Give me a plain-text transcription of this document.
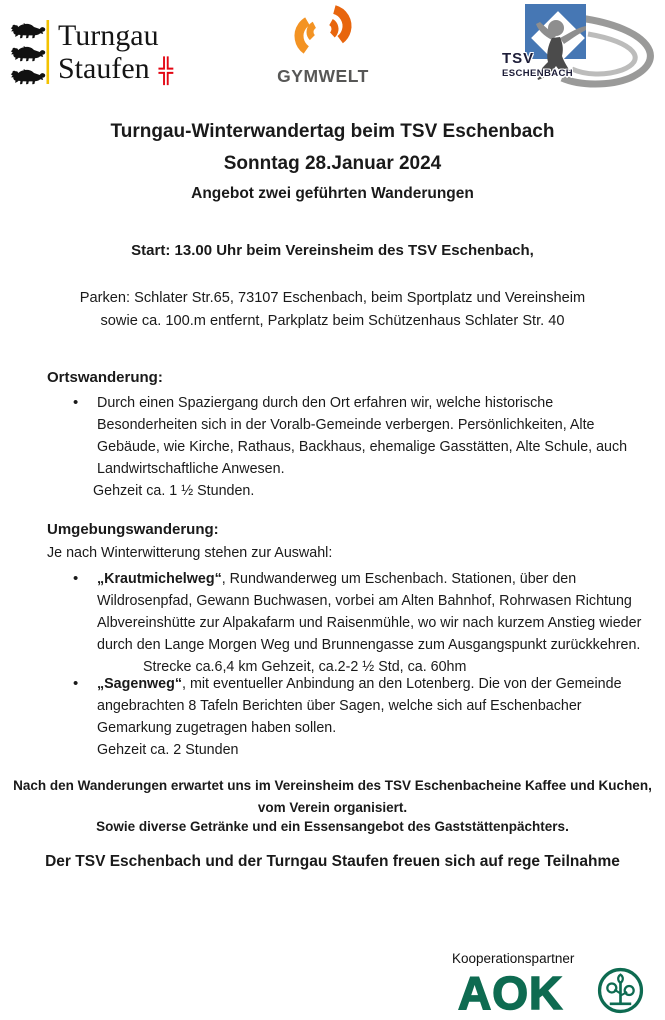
Turngau
Staufen ╬	GYMWELT
TSV
ESCHENBACH
Turngau-Winterwandertag beim TSV Eschenbach
Sonntag 28.Januar 2024
Angebot zwei geführten Wanderungen
Start: 13.00 Uhr beim Vereinsheim des TSV Eschenbach,
Parken: Schlater Str.65, 73107 Eschenbach, beim Sportplatz und Vereinsheim
sowie ca. 100.m entfernt, Parkplatz beim Schützenhaus Schlater Str. 40
Ortswanderung:
• Durch einen Spaziergang durch den Ort erfahren wir, welche historische
Besonderheiten sich in der Voralb-Gemeinde verbergen. Persönlichkeiten, Alte
Gebäude, wie Kirche, Rathaus, Backhaus, ehemalige Gasstätten, Alte Schule, auch
Landwirtschaftliche Anwesen.
Gehzeit ca. 1 ½ Stunden.
Umgebungswanderung:
Je nach Winterwitterung stehen zur Auswahl:
• „Krautmichelweg“, Rundwanderweg um Eschenbach. Stationen, über den
Wildrosenpfad, Gewann Buchwasen, vorbei am Alten Bahnhof, Rohrwasen Richtung
Albvereinshütte zur Alpakafarm und Raisenmühle, wo wir nach kurzem Anstieg wieder
durch den Lange Morgen Weg und Brunnengasse zum Ausgangspunkt zurückkehren.
Strecke ca.6,4 km Gehzeit, ca.2-2 ½ Std, ca. 60hm
• „Sagenweg“, mit eventueller Anbindung an den Lotenberg. Die von der Gemeinde
angebrachten 8 Tafeln Berichten über Sagen, welche sich auf Eschenbacher
Gemarkung zugetragen haben sollen.
Gehzeit ca. 2 Stunden
Nach den Wanderungen erwartet uns im Vereinsheim des TSV Eschenbacheine Kaffee und Kuchen,
vom Verein organisiert.
Sowie diverse Getränke und ein Essensangebot des Gaststättenpächters.
Der TSV Eschenbach und der Turngau Staufen freuen sich auf rege Teilnahme
Kooperationspartner
AOK
